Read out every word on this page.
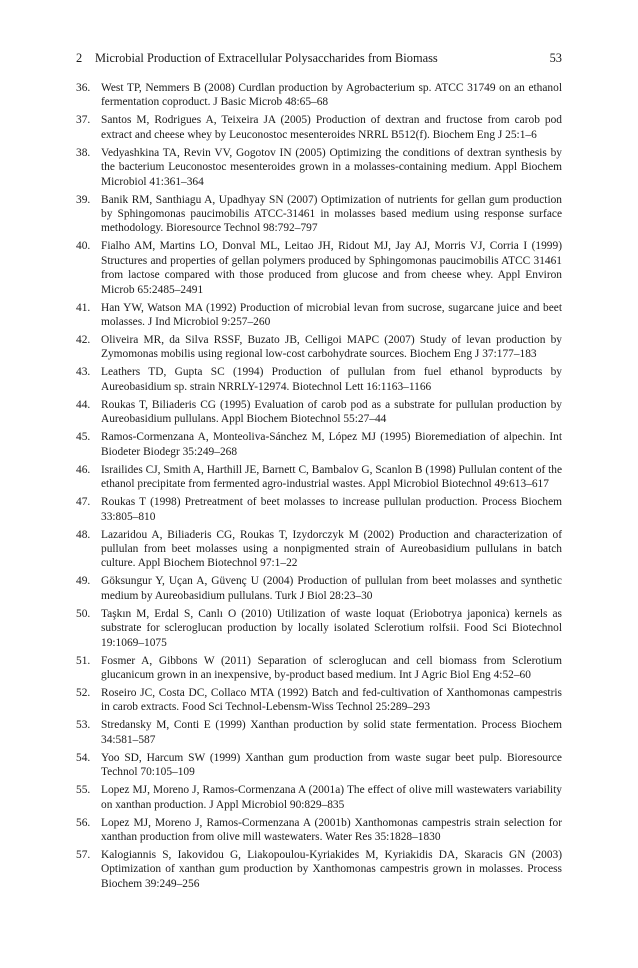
2 Microbial Production of Extracellular Polysaccharides from Biomass	53
36. West TP, Nemmers B (2008) Curdlan production by Agrobacterium sp. ATCC 31749 on an ethanol fermentation coproduct. J Basic Microb 48:65–68
37. Santos M, Rodrigues A, Teixeira JA (2005) Production of dextran and fructose from carob pod extract and cheese whey by Leuconostoc mesenteroides NRRL B512(f). Biochem Eng J 25:1–6
38. Vedyashkina TA, Revin VV, Gogotov IN (2005) Optimizing the conditions of dextran synthesis by the bacterium Leuconostoc mesenteroides grown in a molasses-containing medium. Appl Biochem Microbiol 41:361–364
39. Banik RM, Santhiagu A, Upadhyay SN (2007) Optimization of nutrients for gellan gum production by Sphingomonas paucimobilis ATCC-31461 in molasses based medium using response surface methodology. Bioresource Technol 98:792–797
40. Fialho AM, Martins LO, Donval ML, Leitao JH, Ridout MJ, Jay AJ, Morris VJ, Corria I (1999) Structures and properties of gellan polymers produced by Sphingomonas paucimobilis ATCC 31461 from lactose compared with those produced from glucose and from cheese whey. Appl Environ Microb 65:2485–2491
41. Han YW, Watson MA (1992) Production of microbial levan from sucrose, sugarcane juice and beet molasses. J Ind Microbiol 9:257–260
42. Oliveira MR, da Silva RSSF, Buzato JB, Celligoi MAPC (2007) Study of levan production by Zymomonas mobilis using regional low-cost carbohydrate sources. Biochem Eng J 37:177–183
43. Leathers TD, Gupta SC (1994) Production of pullulan from fuel ethanol byproducts by Aureobasidium sp. strain NRRLY-12974. Biotechnol Lett 16:1163–1166
44. Roukas T, Biliaderis CG (1995) Evaluation of carob pod as a substrate for pullulan production by Aureobasidium pullulans. Appl Biochem Biotechnol 55:27–44
45. Ramos-Cormenzana A, Monteoliva-Sánchez M, López MJ (1995) Bioremediation of alpechin. Int Biodeter Biodegr 35:249–268
46. Israilides CJ, Smith A, Harthill JE, Barnett C, Bambalov G, Scanlon B (1998) Pullulan content of the ethanol precipitate from fermented agro-industrial wastes. Appl Microbiol Biotechnol 49:613–617
47. Roukas T (1998) Pretreatment of beet molasses to increase pullulan production. Process Biochem 33:805–810
48. Lazaridou A, Biliaderis CG, Roukas T, Izydorczyk M (2002) Production and characterization of pullulan from beet molasses using a nonpigmented strain of Aureobasidium pullulans in batch culture. Appl Biochem Biotechnol 97:1–22
49. Göksungur Y, Uçan A, Güvenç U (2004) Production of pullulan from beet molasses and synthetic medium by Aureobasidium pullulans. Turk J Biol 28:23–30
50. Taşkın M, Erdal S, Canlı O (2010) Utilization of waste loquat (Eriobotrya japonica) kernels as substrate for scleroglucan production by locally isolated Sclerotium rolfsii. Food Sci Biotechnol 19:1069–1075
51. Fosmer A, Gibbons W (2011) Separation of scleroglucan and cell biomass from Sclerotium glucanicum grown in an inexpensive, by-product based medium. Int J Agric Biol Eng 4:52–60
52. Roseiro JC, Costa DC, Collaco MTA (1992) Batch and fed-cultivation of Xanthomonas campestris in carob extracts. Food Sci Technol-Lebensm-Wiss Technol 25:289–293
53. Stredansky M, Conti E (1999) Xanthan production by solid state fermentation. Process Biochem 34:581–587
54. Yoo SD, Harcum SW (1999) Xanthan gum production from waste sugar beet pulp. Bioresource Technol 70:105–109
55. Lopez MJ, Moreno J, Ramos-Cormenzana A (2001a) The effect of olive mill wastewaters variability on xanthan production. J Appl Microbiol 90:829–835
56. Lopez MJ, Moreno J, Ramos-Cormenzana A (2001b) Xanthomonas campestris strain selection for xanthan production from olive mill wastewaters. Water Res 35:1828–1830
57. Kalogiannis S, Iakovidou G, Liakopoulou-Kyriakides M, Kyriakidis DA, Skaracis GN (2003) Optimization of xanthan gum production by Xanthomonas campestris grown in molasses. Process Biochem 39:249–256
